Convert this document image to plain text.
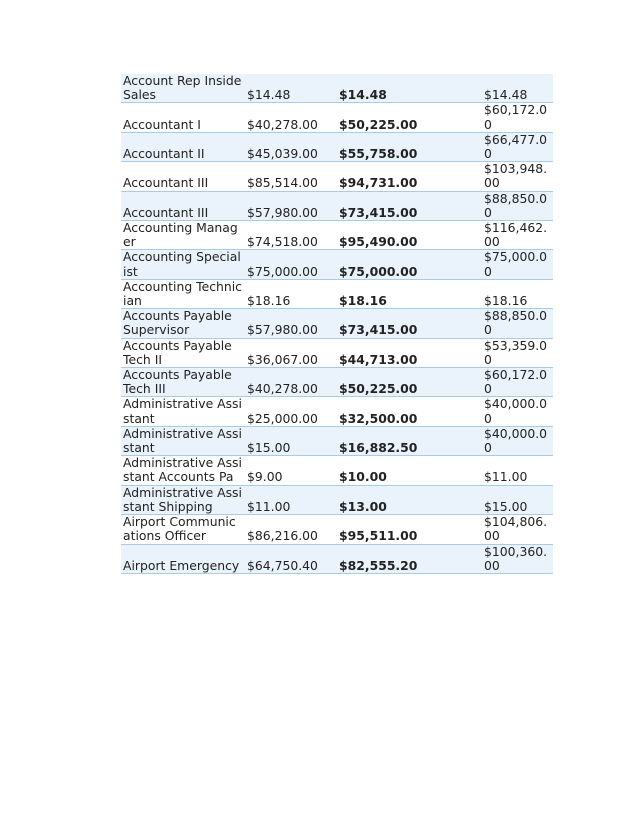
Account Rep Inside Sales	$14.48	$14.48	$14.48
Accountant I	$40,278.00	$50,225.00	$60,172.00
Accountant II	$45,039.00	$55,758.00	$66,477.00
Accountant III	$85,514.00	$94,731.00	$103,948.00
Accountant III	$57,980.00	$73,415.00	$88,850.00
Accounting Manager	$74,518.00	$95,490.00	$116,462.00
Accounting Specialist	$75,000.00	$75,000.00	$75,000.00
Accounting Technician	$18.16	$18.16	$18.16
Accounts Payable Supervisor	$57,980.00	$73,415.00	$88,850.00
Accounts Payable Tech II	$36,067.00	$44,713.00	$53,359.00
Accounts Payable Tech III	$40,278.00	$50,225.00	$60,172.00
Administrative Assistant	$25,000.00	$32,500.00	$40,000.00
Administrative Assistant	$15.00	$16,882.50	$40,000.00
Administrative Assistant Accounts Pa	$9.00	$10.00	$11.00
Administrative Assistant Shipping	$11.00	$13.00	$15.00
Airport Communications Officer	$86,216.00	$95,511.00	$104,806.00
Airport Emergency	$64,750.40	$82,555.20	$100,360.00
